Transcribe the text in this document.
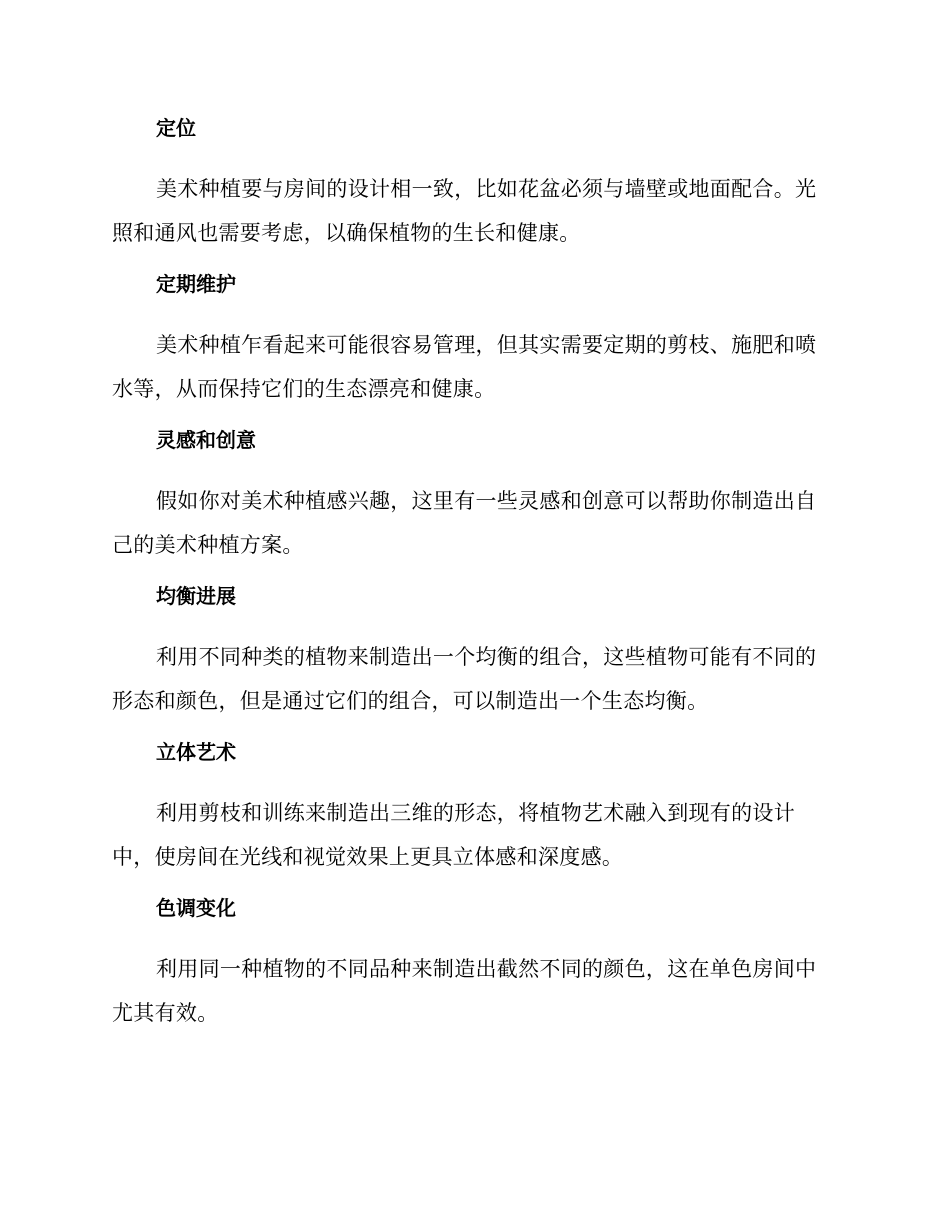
定位

美术种植要与房间的设计相一致，比如花盆必须与墙壁或地面配合。光照和通风也需要考虑，以确保植物的生长和健康。

定期维护

美术种植乍看起来可能很容易管理，但其实需要定期的剪枝、施肥和喷水等，从而保持它们的生态漂亮和健康。

灵感和创意

假如你对美术种植感兴趣，这里有一些灵感和创意可以帮助你制造出自己的美术种植方案。

均衡进展

利用不同种类的植物来制造出一个均衡的组合，这些植物可能有不同的形态和颜色，但是通过它们的组合，可以制造出一个生态均衡。

立体艺术

利用剪枝和训练来制造出三维的形态，将植物艺术融入到现有的设计中，使房间在光线和视觉效果上更具立体感和深度感。

色调变化

利用同一种植物的不同品种来制造出截然不同的颜色，这在单色房间中尤其有效。
